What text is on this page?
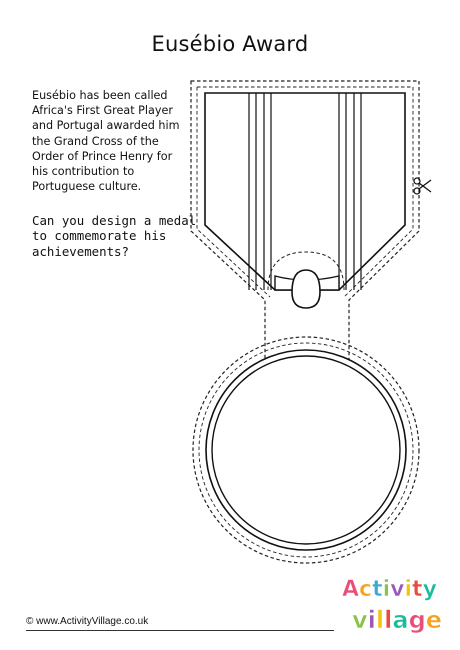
Eusébio Award
Eusébio has been called
Africa's First Great Player
and Portugal awarded him
the Grand Cross of the
Order of Prince Henry for
his contribution to
Portuguese culture.
Can you design a medal
to commemorate his
achievements?
© www.ActivityVillage.co.uk
Activity
village
